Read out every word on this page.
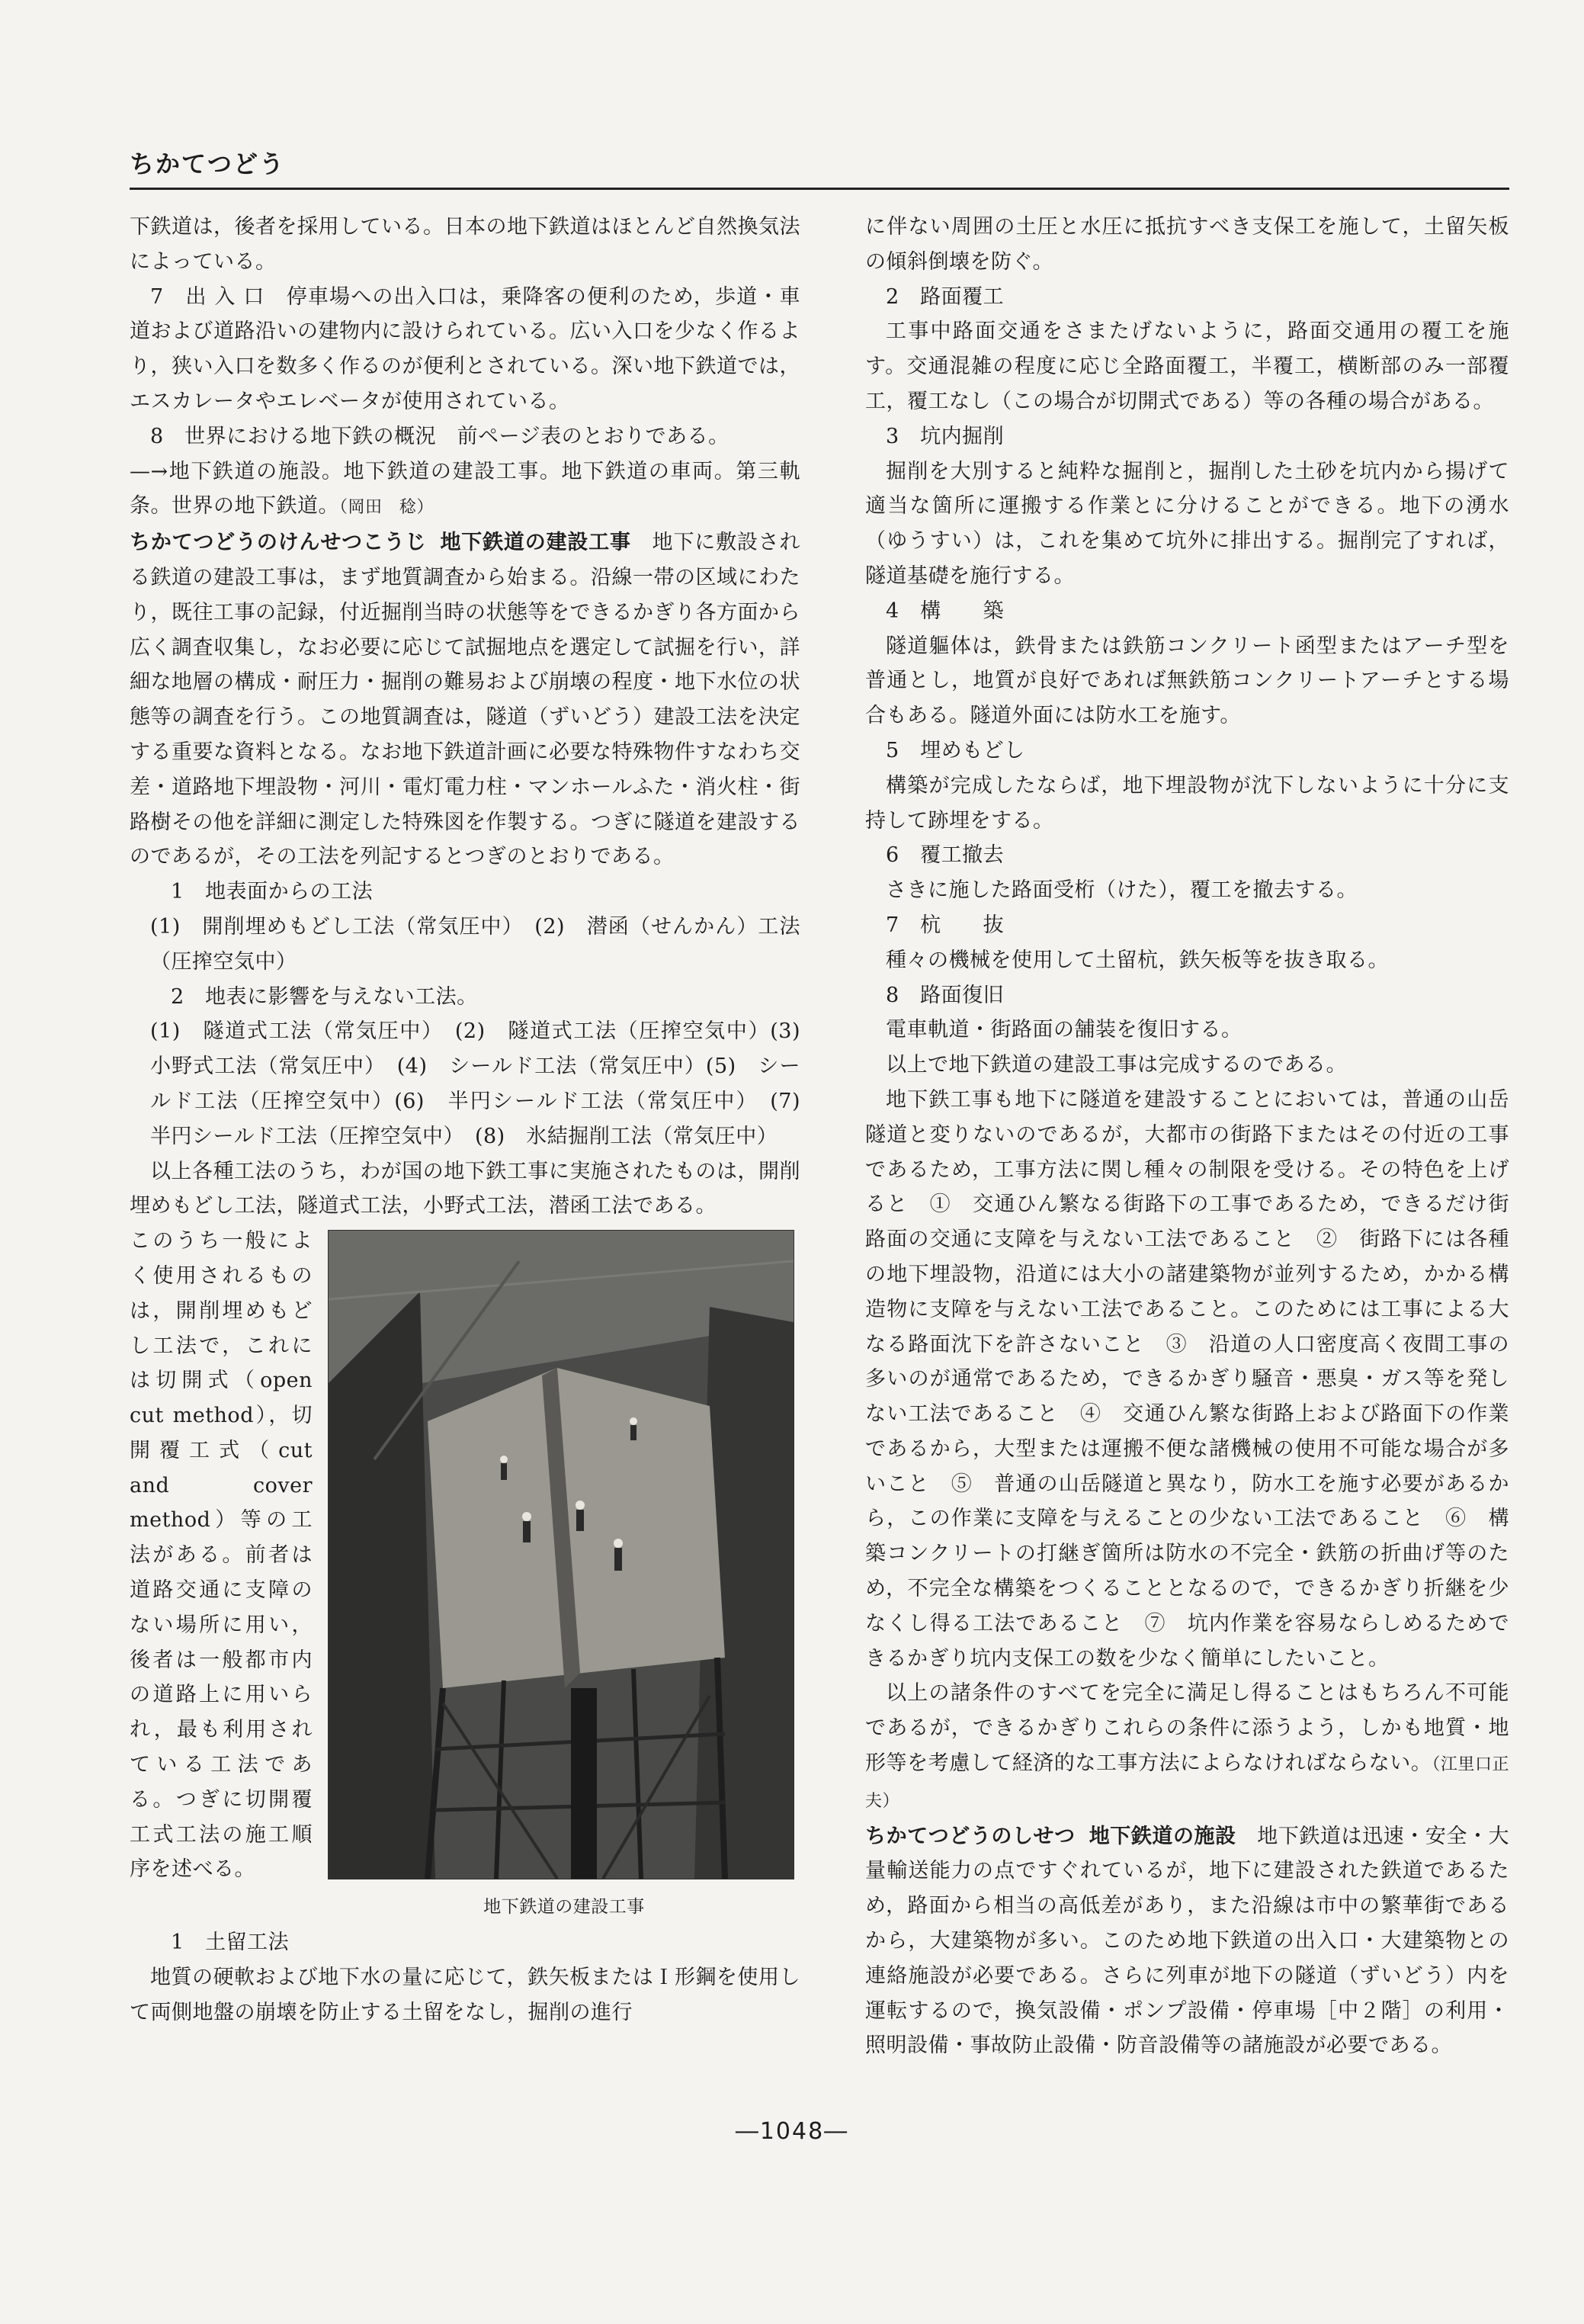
ちかてつどう

下鉄道は，後者を採用している。日本の地下鉄道はほとんど自然換気法によっている。

7　出 入 口　停車場への出入口は，乗降客の便利のため，歩道・車道および道路沿いの建物内に設けられている。広い入口を少なく作るより，狭い入口を数多く作るのが便利とされている。深い地下鉄道では，エスカレータやエレベータが使用されている。

8　世界における地下鉄の概況　前ページ表のとおりである。

—→地下鉄道の施設。地下鉄道の建設工事。地下鉄道の車両。第三軌条。世界の地下鉄道。（岡田　稔）

ちかてつどうのけんせつこうじ 地下鉄道の建設工事　 地下に敷設される鉄道の建設工事は，まず地質調査から始まる。沿線一帯の区域にわたり，既往工事の記録，付近掘削当時の状態等をできるかぎり各方面から広く調査収集し，なお必要に応じて試掘地点を選定して試掘を行い，詳細な地層の構成・耐圧力・掘削の難易および崩壊の程度・地下水位の状態等の調査を行う。この地質調査は，隧道（ずいどう）建設工法を決定する重要な資料となる。なお地下鉄道計画に必要な特殊物件すなわち交差・道路地下埋設物・河川・電灯電力柱・マンホールふた・消火柱・街路樹その他を詳細に測定した特殊図を作製する。つぎに隧道を建設するのであるが，その工法を列記するとつぎのとおりである。

1　地表面からの工法

(1)　開削埋めもどし工法（常気圧中）　(2)　潜函（せんかん）工法（圧搾空気中）

2　地表に影響を与えない工法。

(1)　隧道式工法（常気圧中）　(2)　隧道式工法（圧搾空気中）(3)　小野式工法（常気圧中）　(4)　シールド工法（常気圧中）(5)　シールド工法（圧搾空気中）(6)　半円シールド工法（常気圧中）　(7)　半円シールド工法（圧搾空気中）　(8)　氷結掘削工法（常気圧中）

以上各種工法のうち，わが国の地下鉄工事に実施されたものは，開削埋めもどし工法，隧道式工法，小野式工法，潜函工法である。

このうち一般によく使用されるものは，開削埋めもどし工法で，これには切開式（open cut method），切開覆工式（cut and cover method）等の工法がある。前者は道路交通に支障のない場所に用い，後者は一般都市内の道路上に用いられ，最も利用されている工法である。つぎに切開覆工式工法の施工順序を述べる。

地下鉄道の建設工事

1　土留工法

地質の硬軟および地下水の量に応じて，鉄矢板またはＩ形鋼を使用して両側地盤の崩壊を防止する土留をなし，掘削の進行

に伴ない周囲の土圧と水圧に抵抗すべき支保工を施して，土留矢板の傾斜倒壊を防ぐ。

2　路面覆工

工事中路面交通をさまたげないように，路面交通用の覆工を施す。交通混雑の程度に応じ全路面覆工，半覆工，横断部のみ一部覆工，覆工なし（この場合が切開式である）等の各種の場合がある。

3　坑内掘削

掘削を大別すると純粋な掘削と，掘削した土砂を坑内から揚げて適当な箇所に運搬する作業とに分けることができる。地下の湧水（ゆうすい）は，これを集めて坑外に排出する。掘削完了すれば，隧道基礎を施行する。

4　構　　築

隧道軀体は，鉄骨または鉄筋コンクリート函型またはアーチ型を普通とし，地質が良好であれば無鉄筋コンクリートアーチとする場合もある。隧道外面には防水工を施す。

5　埋めもどし

構築が完成したならば，地下埋設物が沈下しないように十分に支持して跡埋をする。

6　覆工撤去

さきに施した路面受桁（けた），覆工を撤去する。

7　杭　　抜

種々の機械を使用して土留杭，鉄矢板等を抜き取る。

8　路面復旧

電車軌道・街路面の舗装を復旧する。

以上で地下鉄道の建設工事は完成するのである。

地下鉄工事も地下に隧道を建設することにおいては，普通の山岳隧道と変りないのであるが，大都市の街路下またはその付近の工事であるため，工事方法に関し種々の制限を受ける。その特色を上げると　①　交通ひん繁なる街路下の工事であるため，できるだけ街路面の交通に支障を与えない工法であること　②　街路下には各種の地下埋設物，沿道には大小の諸建築物が並列するため，かかる構造物に支障を与えない工法であること。このためには工事による大なる路面沈下を許さないこと　③　沿道の人口密度高く夜間工事の多いのが通常であるため，できるかぎり騒音・悪臭・ガス等を発しない工法であること　④　交通ひん繁な街路上および路面下の作業であるから，大型または運搬不便な諸機械の使用不可能な場合が多いこと　⑤　普通の山岳隧道と異なり，防水工を施す必要があるから，この作業に支障を与えることの少ない工法であること　⑥　構築コンクリートの打継ぎ箇所は防水の不完全・鉄筋の折曲げ等のため，不完全な構築をつくることとなるので，できるかぎり折継を少なくし得る工法であること　⑦　坑内作業を容易ならしめるためできるかぎり坑内支保工の数を少なく簡単にしたいこと。

以上の諸条件のすべてを完全に満足し得ることはもちろん不可能であるが，できるかぎりこれらの条件に添うよう，しかも地質・地形等を考慮して経済的な工事方法によらなければならない。（江里口正夫）

ちかてつどうのしせつ 地下鉄道の施設　 地下鉄道は迅速・安全・大量輸送能力の点ですぐれているが，地下に建設された鉄道であるため，路面から相当の高低差があり，また沿線は市中の繁華街であるから，大建築物が多い。このため地下鉄道の出入口・大建築物との連絡施設が必要である。さらに列車が地下の隧道（ずいどう）内を運転するので，換気設備・ポンプ設備・停車場［中２階］の利用・照明設備・事故防止設備・防音設備等の諸施設が必要である。

―1048―
